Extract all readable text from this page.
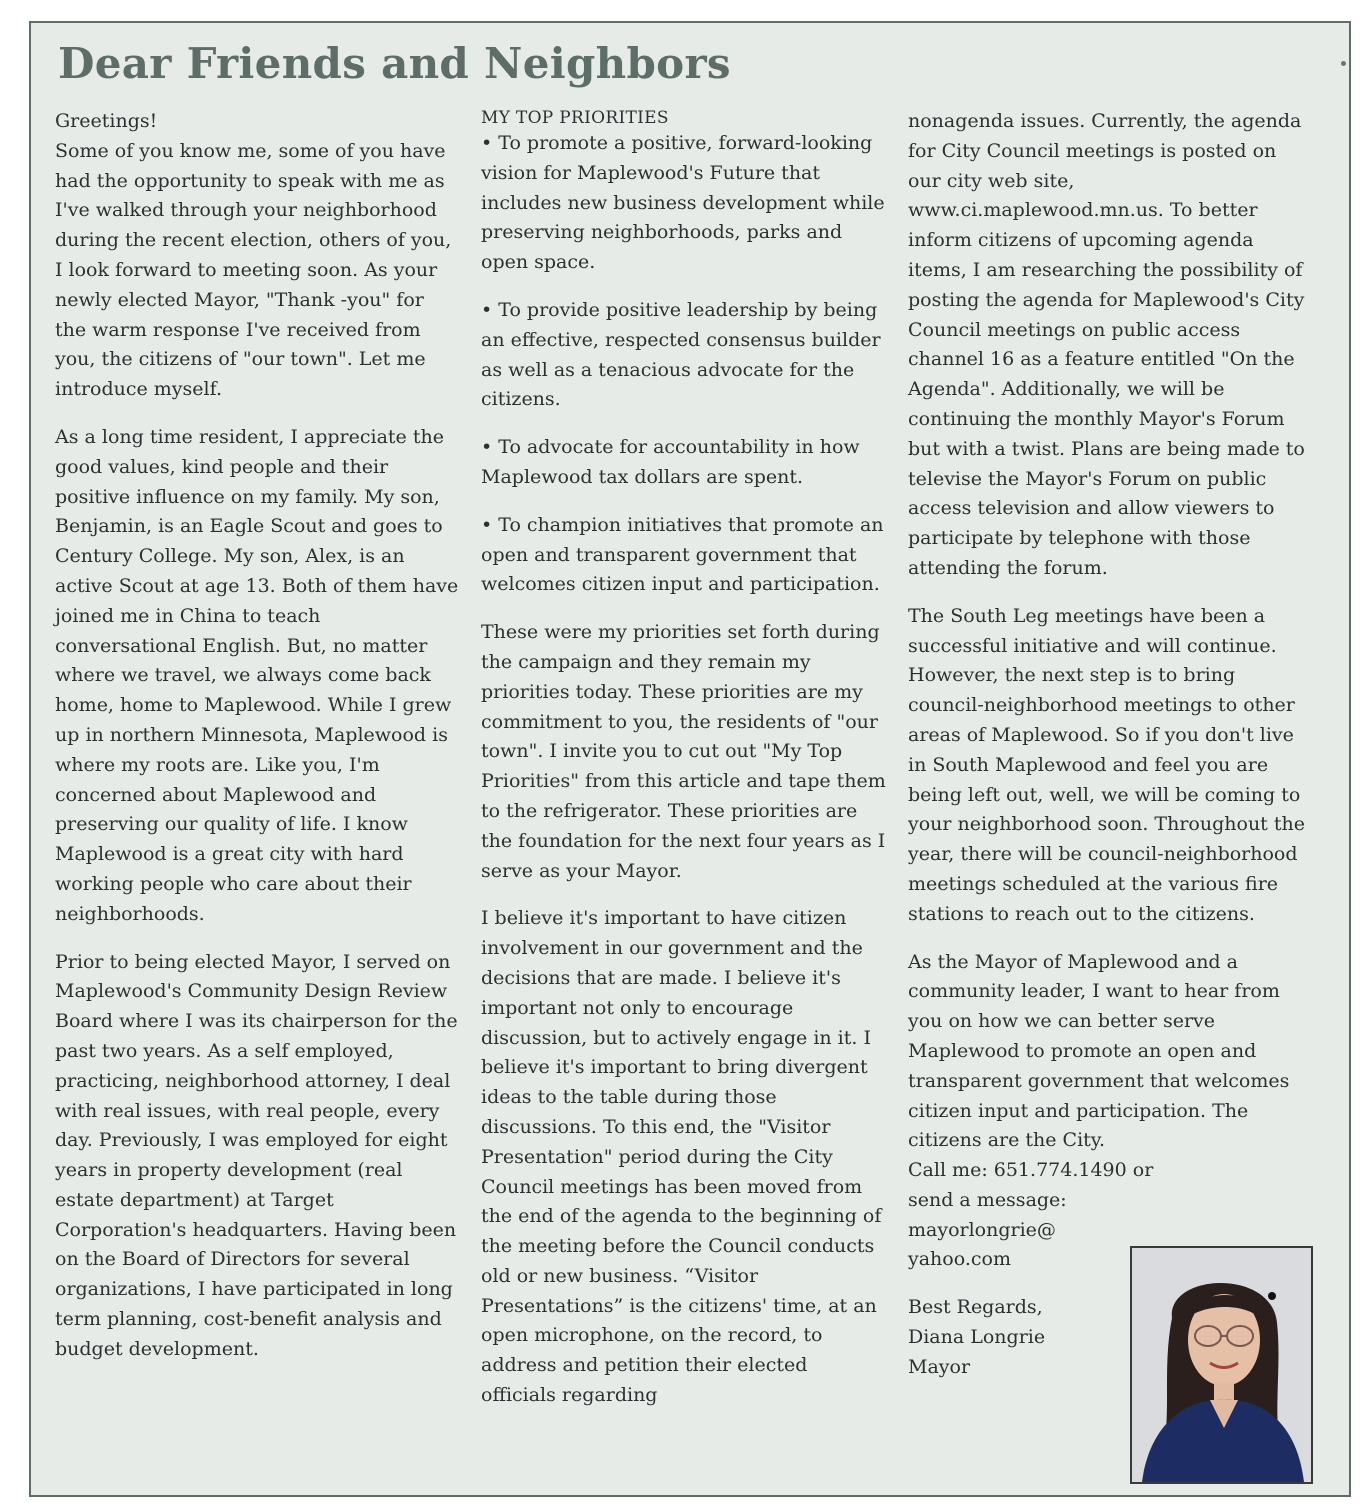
Dear Friends and Neighbors

Greetings!

Some of you know me, some of you have had the opportunity to speak with me as I've walked through your neighborhood during the recent election, others of you, I look forward to meeting soon. As your newly elected Mayor, "Thank -you" for the warm response I've received from you, the citizens of "our town". Let me introduce myself.

As a long time resident, I appreciate the good values, kind people and their positive influence on my family. My son, Benjamin, is an Eagle Scout and goes to Century College. My son, Alex, is an active Scout at age 13. Both of them have joined me in China to teach conversational English. But, no matter where we travel, we always come back home, home to Maplewood. While I grew up in northern Minnesota, Maplewood is where my roots are. Like you, I'm concerned about Maplewood and preserving our quality of life. I know Maplewood is a great city with hard working people who care about their neighborhoods.

Prior to being elected Mayor, I served on Maplewood's Community Design Review Board where I was its chairperson for the past two years. As a self employed, practicing, neighborhood attorney, I deal with real issues, with real people, every day. Previously, I was employed for eight years in property development (real estate department) at Target Corporation's headquarters. Having been on the Board of Directors for several organizations, I have participated in long term planning, cost-benefit analysis and budget development.

MY TOP PRIORITIES

• To promote a positive, forward-looking vision for Maplewood's Future that includes new business development while preserving neighborhoods, parks and open space.

• To provide positive leadership by being an effective, respected consensus builder as well as a tenacious advocate for the citizens.

• To advocate for accountability in how Maplewood tax dollars are spent.

• To champion initiatives that promote an open and transparent government that welcomes citizen input and participation.

These were my priorities set forth during the campaign and they remain my priorities today. These priorities are my commitment to you, the residents of "our town". I invite you to cut out "My Top Priorities" from this article and tape them to the refrigerator. These priorities are the foundation for the next four years as I serve as your Mayor.

I believe it's important to have citizen involvement in our government and the decisions that are made. I believe it's important not only to encourage discussion, but to actively engage in it. I believe it's important to bring divergent ideas to the table during those discussions. To this end, the "Visitor Presentation" period during the City Council meetings has been moved from the end of the agenda to the beginning of the meeting before the Council conducts old or new business. “Visitor Presentations” is the citizens' time, at an open microphone, on the record, to address and petition their elected officials regarding

nonagenda issues. Currently, the agenda for City Council meetings is posted on our city web site, www.ci.maplewood.mn.us. To better inform citizens of upcoming agenda items, I am researching the possibility of posting the agenda for Maplewood's City Council meetings on public access channel 16 as a feature entitled "On the Agenda". Additionally, we will be continuing the monthly Mayor's Forum but with a twist. Plans are being made to televise the Mayor's Forum on public access television and allow viewers to participate by telephone with those attending the forum.

The South Leg meetings have been a successful initiative and will continue. However, the next step is to bring council-neighborhood meetings to other areas of Maplewood. So if you don't live in South Maplewood and feel you are being left out, well, we will be coming to your neighborhood soon. Throughout the year, there will be council-neighborhood meetings scheduled at the various fire stations to reach out to the citizens.

As the Mayor of Maplewood and a community leader, I want to hear from you on how we can better serve Maplewood to promote an open and transparent government that welcomes citizen input and participation. The citizens are the City.

Call me: 651.774.1490 or

send a message:

mayorlongrie@

yahoo.com

Best Regards,

Diana Longrie

Mayor
